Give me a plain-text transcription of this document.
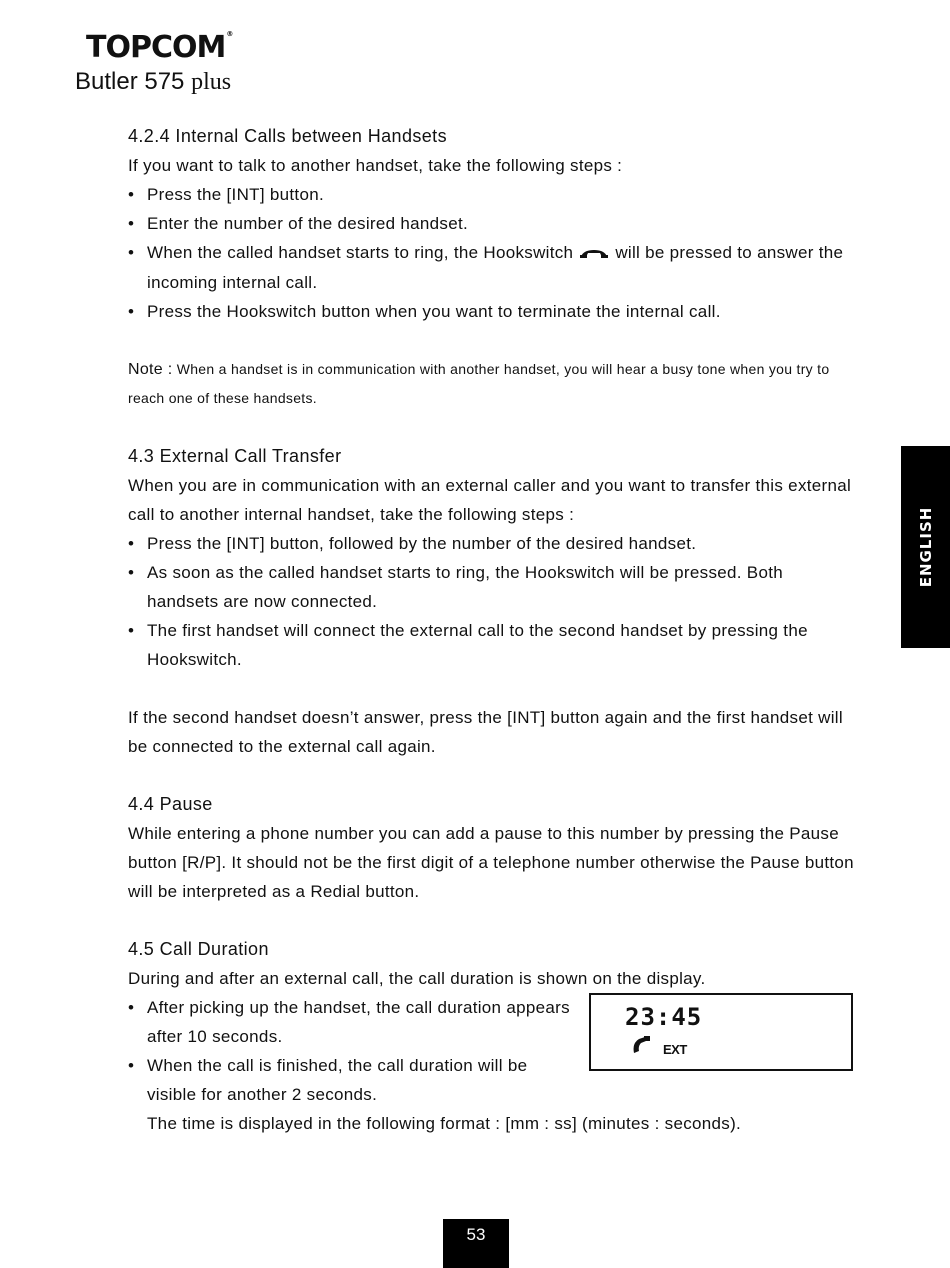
TOPCOM®
Butler 575 plus
4.2.4 Internal Calls between Handsets

If you want to talk to another handset, take the following steps :

• Press the [INT] button.
• Enter the number of the desired handset.
• When the called handset starts to ring, the Hookswitch will be pressed to answer the incoming internal call.
• Press the Hookswitch button when you want to terminate the internal call.
Note : When a handset is in communication with another handset, you will hear a busy tone when you try to reach one of these handsets.
4.3 External Call Transfer

When you are in communication with an external caller and you want to transfer this external call to another internal handset, take the following steps :

• Press the [INT] button, followed by the number of the desired handset.
• As soon as the called handset starts to ring, the Hookswitch will be pressed. Both handsets are now connected.
• The first handset will connect the external call to the second handset by pressing the Hookswitch.

If the second handset doesn’t answer, press the [INT] button again and the first handset will be connected to the external call again.

4.4 Pause

While entering a phone number you can add a pause to this number by pressing the Pause button [R/P]. It should not be the first digit of a telephone number otherwise the Pause button will be interpreted as a Redial button.

4.5 Call Duration

During and after an external call, the call duration is shown on the display.

• After picking up the handset, the call duration appears after 10 seconds.
• When the call is finished, the call duration will be visible for another 2 seconds.
The time is displayed in the following format : [mm : ss] (minutes : seconds).
23:45
EXT
ENGLISH
53
